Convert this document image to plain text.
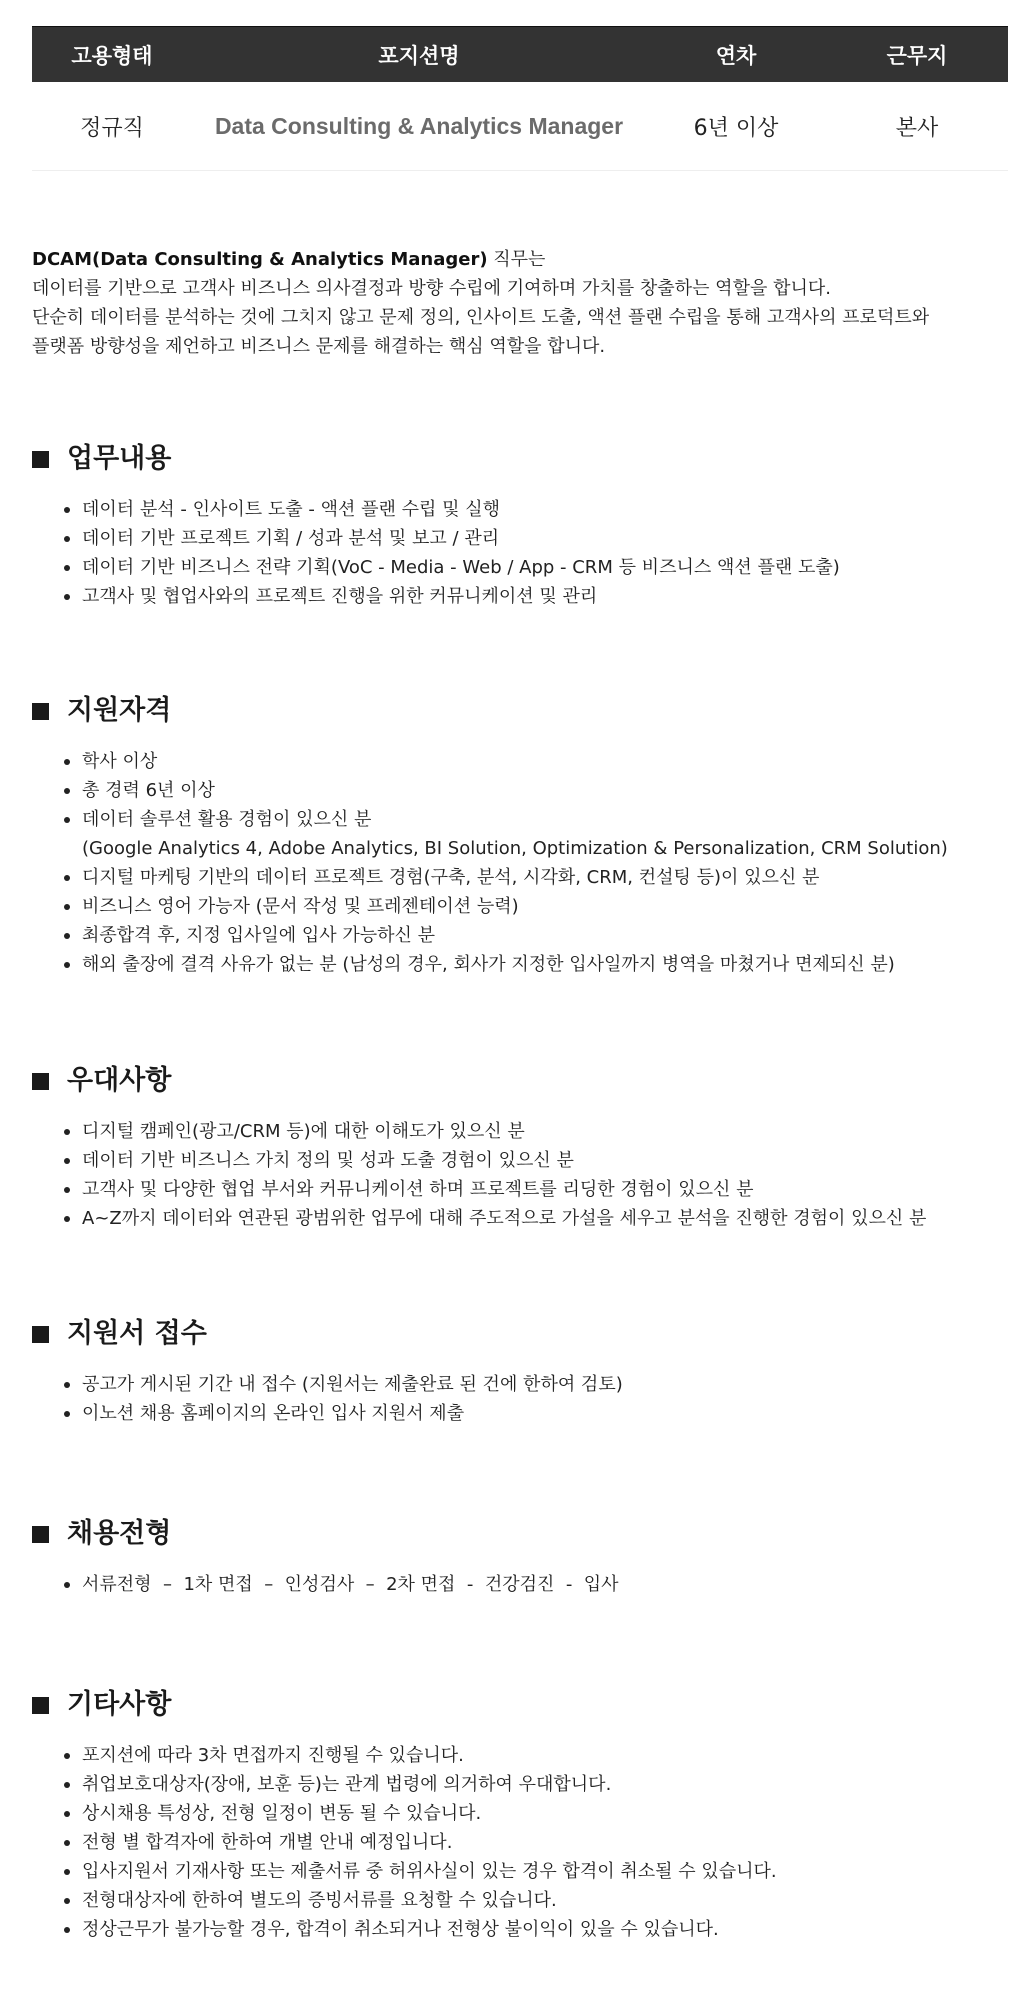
고용형태	포지션명	연차	근무지
정규직	Data Consulting & Analytics Manager	6년 이상	본사

DCAM(Data Consulting & Analytics Manager) 직무는

데이터를 기반으로 고객사 비즈니스 의사결정과 방향 수립에 기여하며 가치를 창출하는 역할을 합니다.

단순히 데이터를 분석하는 것에 그치지 않고 문제 정의, 인사이트 도출, 액션 플랜 수립을 통해 고객사의 프로덕트와

플랫폼 방향성을 제언하고 비즈니스 문제를 해결하는 핵심 역할을 합니다.

업무내용
데이터 분석 - 인사이트 도출 - 액션 플랜 수립 및 실행
데이터 기반 프로젝트 기획 / 성과 분석 및 보고 / 관리
데이터 기반 비즈니스 전략 기획(VoC - Media - Web / App - CRM 등 비즈니스 액션 플랜 도출)
고객사 및 협업사와의 프로젝트 진행을 위한 커뮤니케이션 및 관리
지원자격
학사 이상
총 경력 6년 이상
데이터 솔루션 활용 경험이 있으신 분
(Google Analytics 4, Adobe Analytics, BI Solution, Optimization & Personalization, CRM Solution)
디지털 마케팅 기반의 데이터 프로젝트 경험(구축, 분석, 시각화, CRM, 컨설팅 등)이 있으신 분
비즈니스 영어 가능자 (문서 작성 및 프레젠테이션 능력)
최종합격 후, 지정 입사일에 입사 가능하신 분
해외 출장에 결격 사유가 없는 분 (남성의 경우, 회사가 지정한 입사일까지 병역을 마쳤거나 면제되신 분)
우대사항
디지털 캠페인(광고/CRM 등)에 대한 이해도가 있으신 분
데이터 기반 비즈니스 가치 정의 및 성과 도출 경험이 있으신 분
고객사 및 다양한 협업 부서와 커뮤니케이션 하며 프로젝트를 리딩한 경험이 있으신 분
A~Z까지 데이터와 연관된 광범위한 업무에 대해 주도적으로 가설을 세우고 분석을 진행한 경험이 있으신 분
지원서 접수
공고가 게시된 기간 내 접수 (지원서는 제출완료 된 건에 한하여 검토)
이노션 채용 홈페이지의 온라인 입사 지원서 제출
채용전형
서류전형  –  1차 면접  –  인성검사  –  2차 면접  -  건강검진  -  입사
기타사항
포지션에 따라 3차 면접까지 진행될 수 있습니다.
취업보호대상자(장애, 보훈 등)는 관계 법령에 의거하여 우대합니다.
상시채용 특성상, 전형 일정이 변동 될 수 있습니다.
전형 별 합격자에 한하여 개별 안내 예정입니다.
입사지원서 기재사항 또는 제출서류 중 허위사실이 있는 경우 합격이 취소될 수 있습니다.
전형대상자에 한하여 별도의 증빙서류를 요청할 수 있습니다.
정상근무가 불가능할 경우, 합격이 취소되거나 전형상 불이익이 있을 수 있습니다.
